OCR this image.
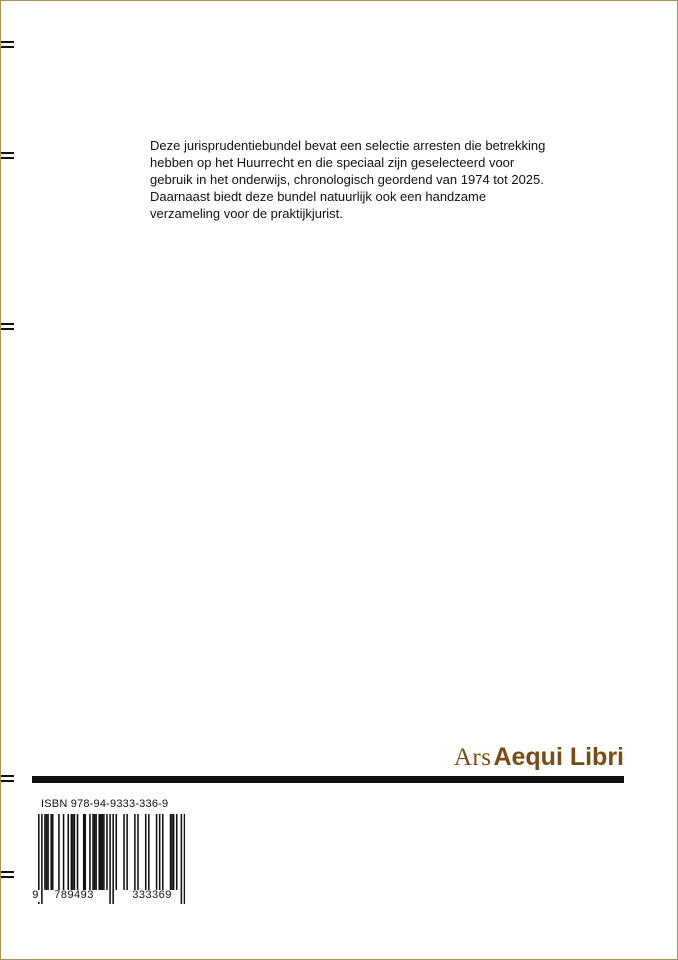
Deze jurisprudentiebundel bevat een selectie arresten die betrekking hebben op het Huurrecht en die speciaal zijn geselecteerd voor gebruik in het onderwijs, chronologisch geordend van 1974 tot 2025.

Daarnaast biedt deze bundel natuurlijk ook een handzame verzameling voor de praktijkjurist.

ArsAequi Libri
ISBN 978-94-9333-336-9
9 789493	333369
